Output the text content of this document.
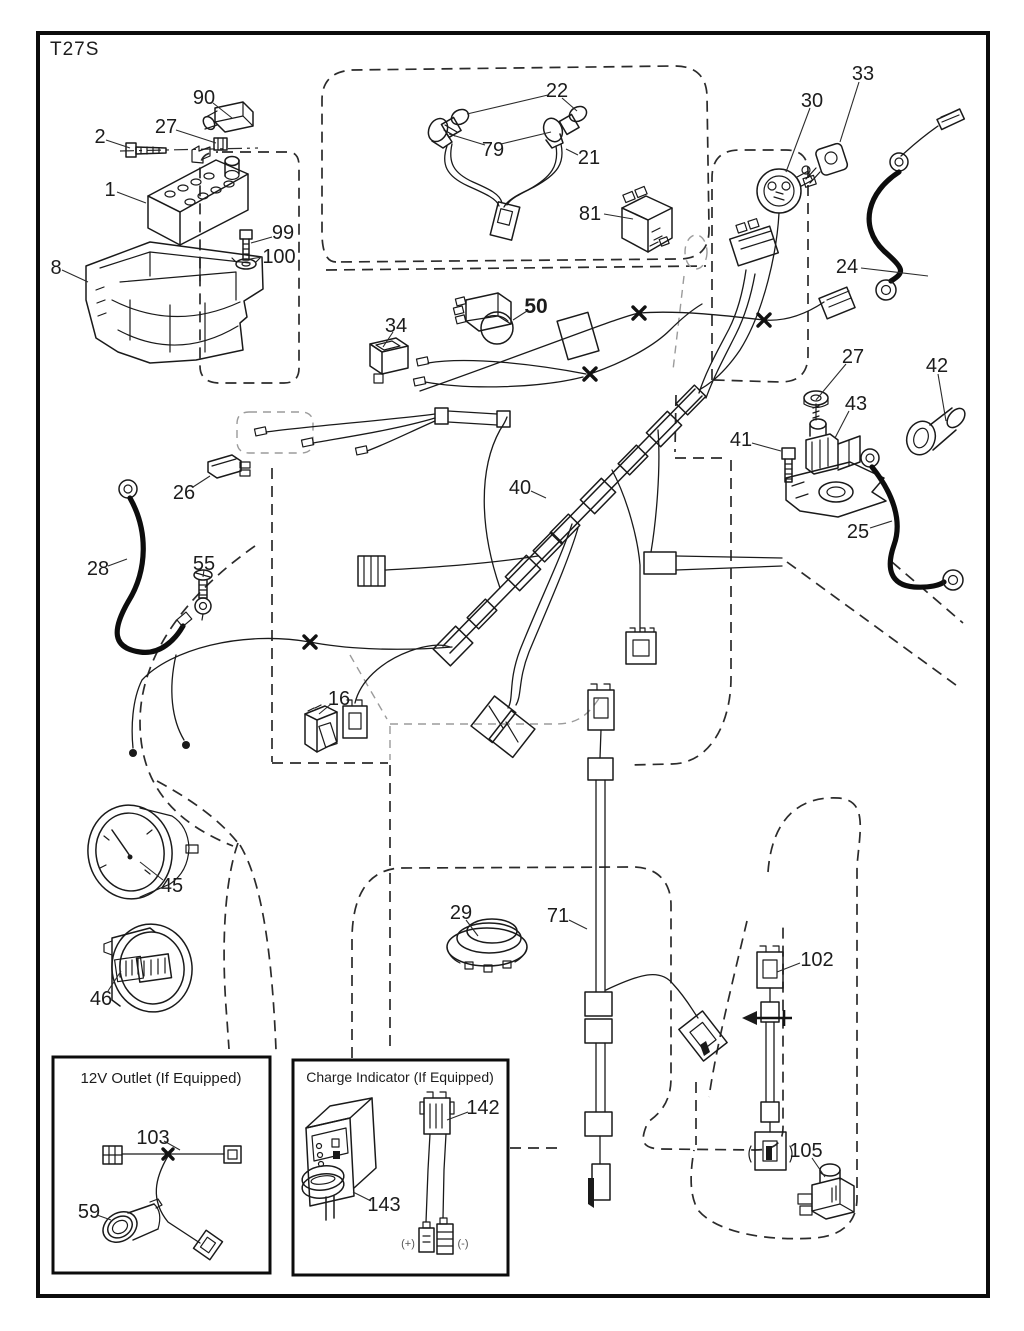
T27S
12V Outlet (If Equipped)	Charge Indicator (If Equipped)
(+)	(-)
90
27
2
1
99
100
8
22
79	21
81
30
33
24
34
50
27	42
43
41
25
26
28	55
40
16
45
46
29	71
102
105
103
59
142
143
